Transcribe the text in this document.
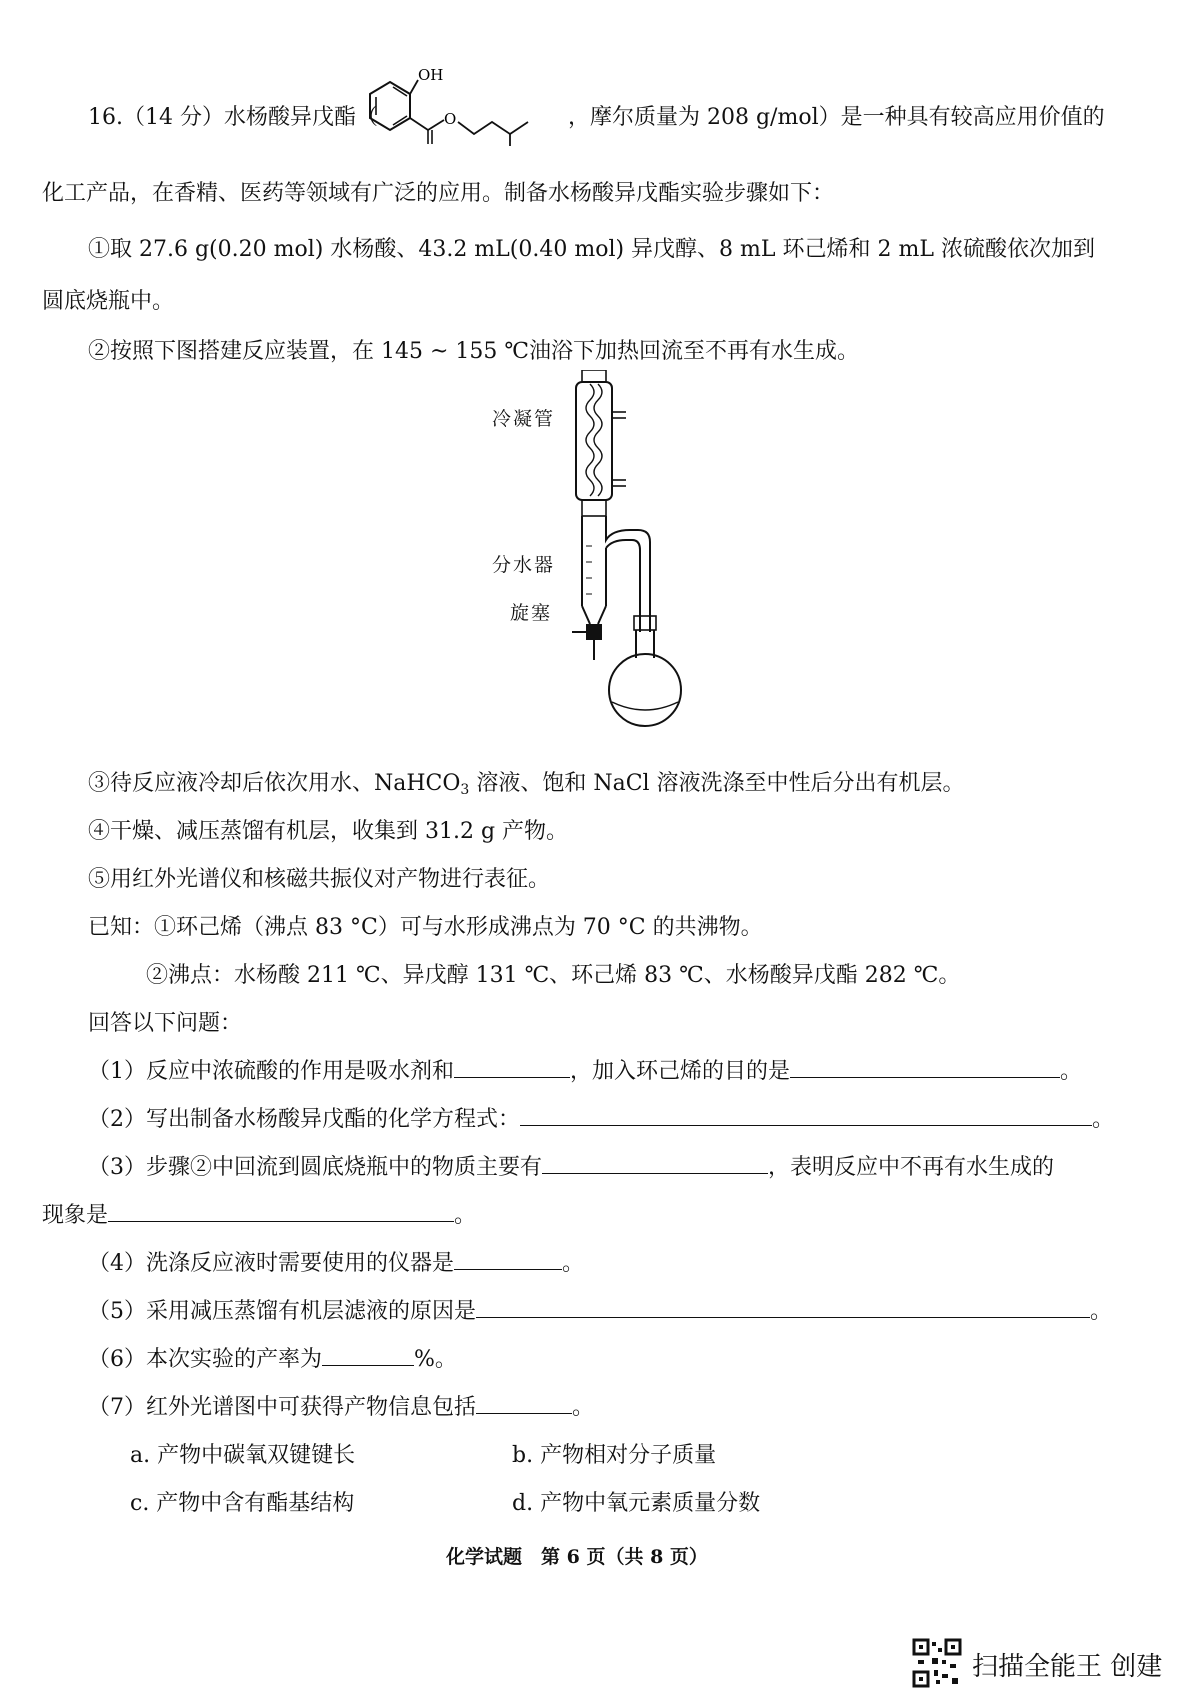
16.（14 分）水杨酸异戊酯（
OH
O	，摩尔质量为 208 g/mol）是一种具有较高应用价值的
化工产品，在香精、医药等领域有广泛的应用。制备水杨酸异戊酯实验步骤如下：
①取 27.6 g(0.20 mol) 水杨酸、43.2 mL(0.40 mol) 异戊醇、8 mL 环己烯和 2 mL 浓硫酸依次加到
圆底烧瓶中。
②按照下图搭建反应装置，在 145 ~ 155 ℃油浴下加热回流至不再有水生成。
冷凝管
分水器
旋塞
③待反应液冷却后依次用水、NaHCO$_3$ 溶液、饱和 NaCl 溶液洗涤至中性后分出有机层。
④干燥、减压蒸馏有机层，收集到 31.2 g 产物。
⑤用红外光谱仪和核磁共振仪对产物进行表征。
已知：①环己烯（沸点 83 °C）可与水形成沸点为 70 °C 的共沸物。
②沸点：水杨酸 211 ℃、异戊醇 131 ℃、环己烯 83 ℃、水杨酸异戊酯 282 ℃。
回答以下问题：
（1）反应中浓硫酸的作用是吸水剂和	，加入环己烯的目的是	。
（2）写出制备水杨酸异戊酯的化学方程式：	。
（3）步骤②中回流到圆底烧瓶中的物质主要有	，表明反应中不再有水生成的
现象是	。
（4）洗涤反应液时需要使用的仪器是	。
（5）采用减压蒸馏有机层滤液的原因是	。
（6）本次实验的产率为	%。
（7）红外光谱图中可获得产物信息包括	。
a. 产物中碳氧双键键长	b. 产物相对分子质量
c. 产物中含有酯基结构	d. 产物中氧元素质量分数
化学试题　第 6 页（共 8 页）
扫描全能王 创建
